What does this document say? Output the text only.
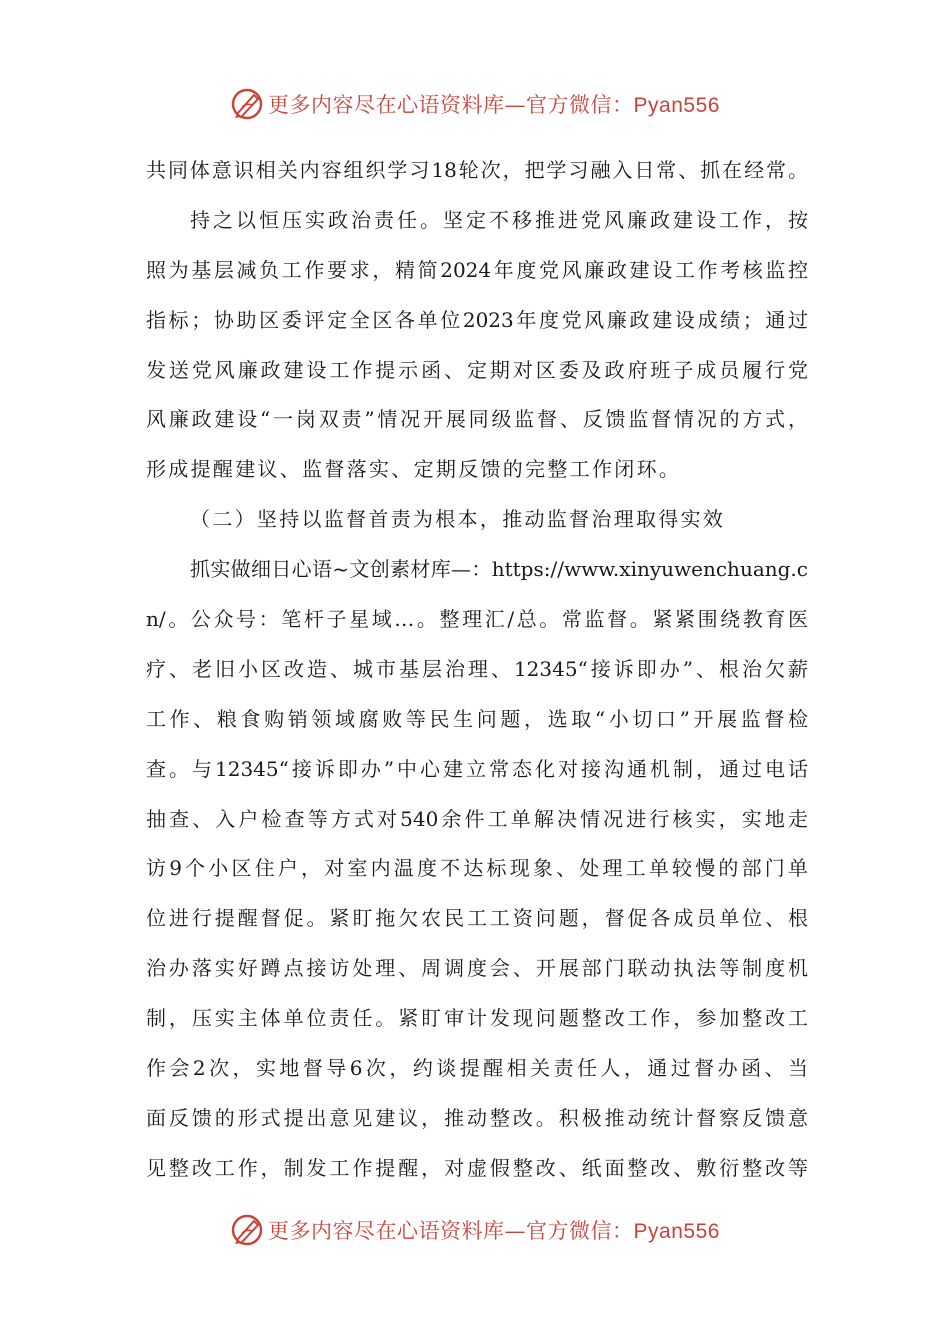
更多内容尽在心语资料库—官方微信：Pyan556
共同体意识相关内容组织学习18轮次，把学习融入日常、抓在经常。
持之以恒压实政治责任。坚定不移推进党风廉政建设工作，按
照为基层减负工作要求，精简2024年度党风廉政建设工作考核监控
指标；协助区委评定全区各单位2023年度党风廉政建设成绩；通过
发送党风廉政建设工作提示函、定期对区委及政府班子成员履行党
风廉政建设“一岗双责”情况开展同级监督、反馈监督情况的方式，
形成提醒建议、监督落实、定期反馈的完整工作闭环。
（二）坚持以监督首责为根本，推动监督治理取得实效
抓实做细日心语~文创素材库—：https://www.xinyuwenchuang.c
n/。公众号：笔杆子星域…。整理汇/总。常监督。紧紧围绕教育医
疗、老旧小区改造、城市基层治理、12345“接诉即办”、根治欠薪
工作、粮食购销领域腐败等民生问题，选取“小切口”开展监督检
查。与12345“接诉即办”中心建立常态化对接沟通机制，通过电话
抽查、入户检查等方式对540余件工单解决情况进行核实，实地走
访9个小区住户，对室内温度不达标现象、处理工单较慢的部门单
位进行提醒督促。紧盯拖欠农民工工资问题，督促各成员单位、根
治办落实好蹲点接访处理、周调度会、开展部门联动执法等制度机
制，压实主体单位责任。紧盯审计发现问题整改工作，参加整改工
作会2次，实地督导6次，约谈提醒相关责任人，通过督办函、当
面反馈的形式提出意见建议，推动整改。积极推动统计督察反馈意
见整改工作，制发工作提醒，对虚假整改、纸面整改、敷衍整改等
更多内容尽在心语资料库—官方微信：Pyan556
